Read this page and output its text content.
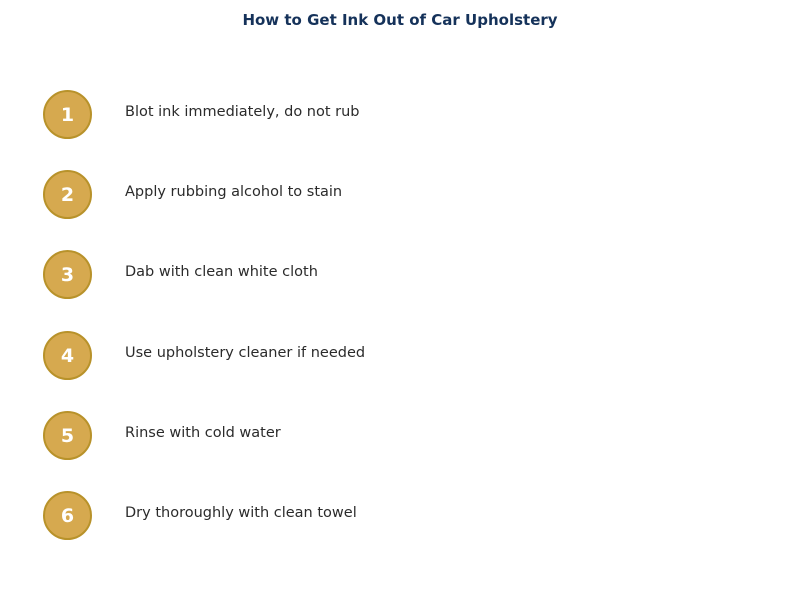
How to Get Ink Out of Car Upholstery
1	Blot ink immediately, do not rub
2	Apply rubbing alcohol to stain
3	Dab with clean white cloth
4	Use upholstery cleaner if needed
5	Rinse with cold water
6	Dry thoroughly with clean towel
